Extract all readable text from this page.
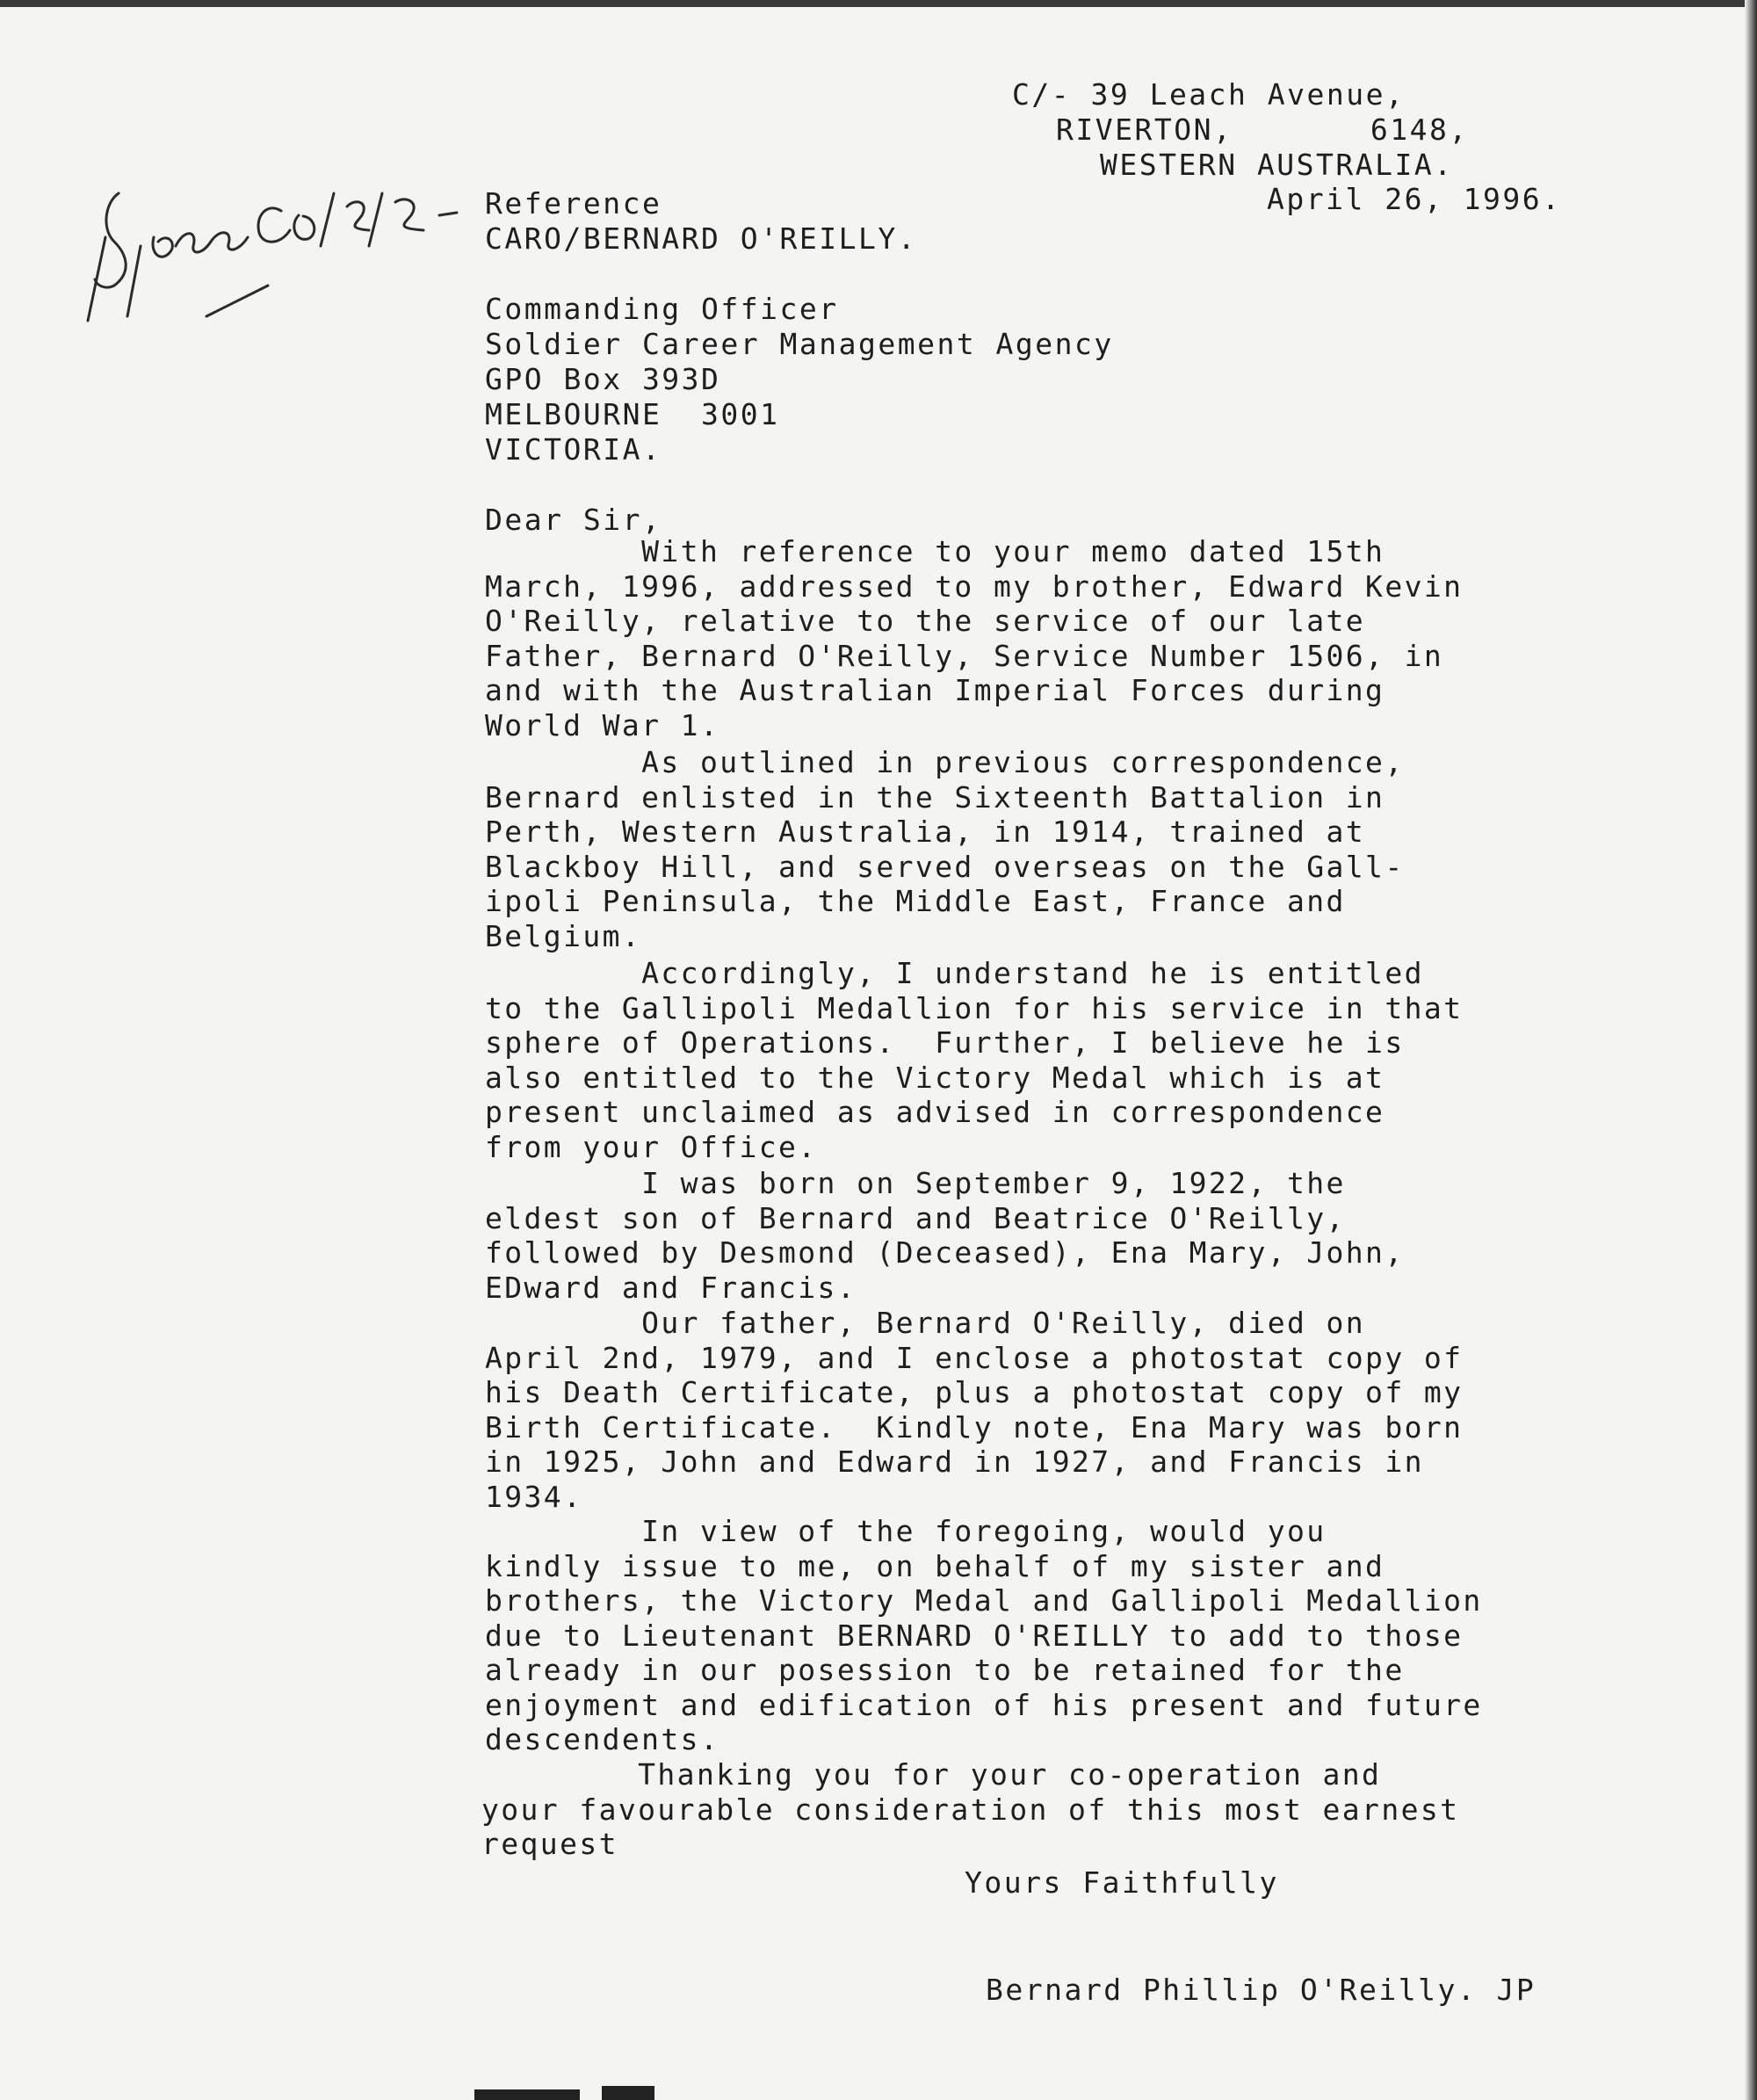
C/- 39 Leach Avenue,
RIVERTON,       6148,
WESTERN AUSTRALIA.
April 26, 1996.
Reference
CARO/BERNARD O'REILLY.
Commanding Officer
Soldier Career Management Agency
GPO Box 393D
MELBOURNE  3001
VICTORIA.
Dear Sir,
With reference to your memo dated 15th
March, 1996, addressed to my brother, Edward Kevin
O'Reilly, relative to the service of our late
Father, Bernard O'Reilly, Service Number 1506, in
and with the Australian Imperial Forces during
World War 1.
As outlined in previous correspondence,
Bernard enlisted in the Sixteenth Battalion in
Perth, Western Australia, in 1914, trained at
Blackboy Hill, and served overseas on the Gall-
ipoli Peninsula, the Middle East, France and
Belgium.
Accordingly, I understand he is entitled
to the Gallipoli Medallion for his service in that
sphere of Operations.  Further, I believe he is
also entitled to the Victory Medal which is at
present unclaimed as advised in correspondence
from your Office.
I was born on September 9, 1922, the
eldest son of Bernard and Beatrice O'Reilly,
followed by Desmond (Deceased), Ena Mary, John,
EDward and Francis.
Our father, Bernard O'Reilly, died on
April 2nd, 1979, and I enclose a photostat copy of
his Death Certificate, plus a photostat copy of my
Birth Certificate.  Kindly note, Ena Mary was born
in 1925, John and Edward in 1927, and Francis in
1934.
In view of the foregoing, would you
kindly issue to me, on behalf of my sister and
brothers, the Victory Medal and Gallipoli Medallion
due to Lieutenant BERNARD O'REILLY to add to those
already in our posession to be retained for the
enjoyment and edification of his present and future
descendents.
Thanking you for your co-operation and
your favourable consideration of this most earnest
request
Yours Faithfully
Bernard Phillip O'Reilly. JP
